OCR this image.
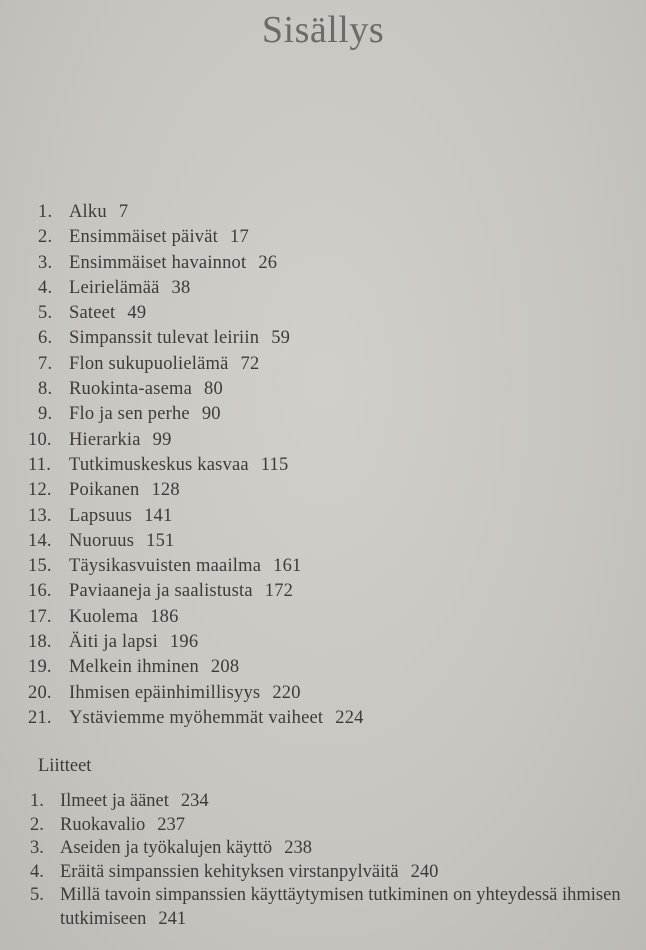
Sisällys
1. Alku 7
2. Ensimmäiset päivät 17
3. Ensimmäiset havainnot 26
4. Leirielämää 38
5. Sateet 49
6. Simpanssit tulevat leiriin 59
7. Flon sukupuolielämä 72
8. Ruokinta-asema 80
9. Flo ja sen perhe 90
10. Hierarkia 99
11. Tutkimuskeskus kasvaa 115
12. Poikanen 128
13. Lapsuus 141
14. Nuoruus 151
15. Täysikasvuisten maailma 161
16. Paviaaneja ja saalistusta 172
17. Kuolema 186
18. Äiti ja lapsi 196
19. Melkein ihminen 208
20. Ihmisen epäinhimillisyys 220
21. Ystäviemme myöhemmät vaiheet 224
Liitteet
1. Ilmeet ja äänet 234
2. Ruokavalio 237
3. Aseiden ja työkalujen käyttö 238
4. Eräitä simpanssien kehityksen virstanpylväitä 240
5. Millä tavoin simpanssien käyttäytymisen tutkiminen on yhteydessä ihmisen tutkimiseen 241
